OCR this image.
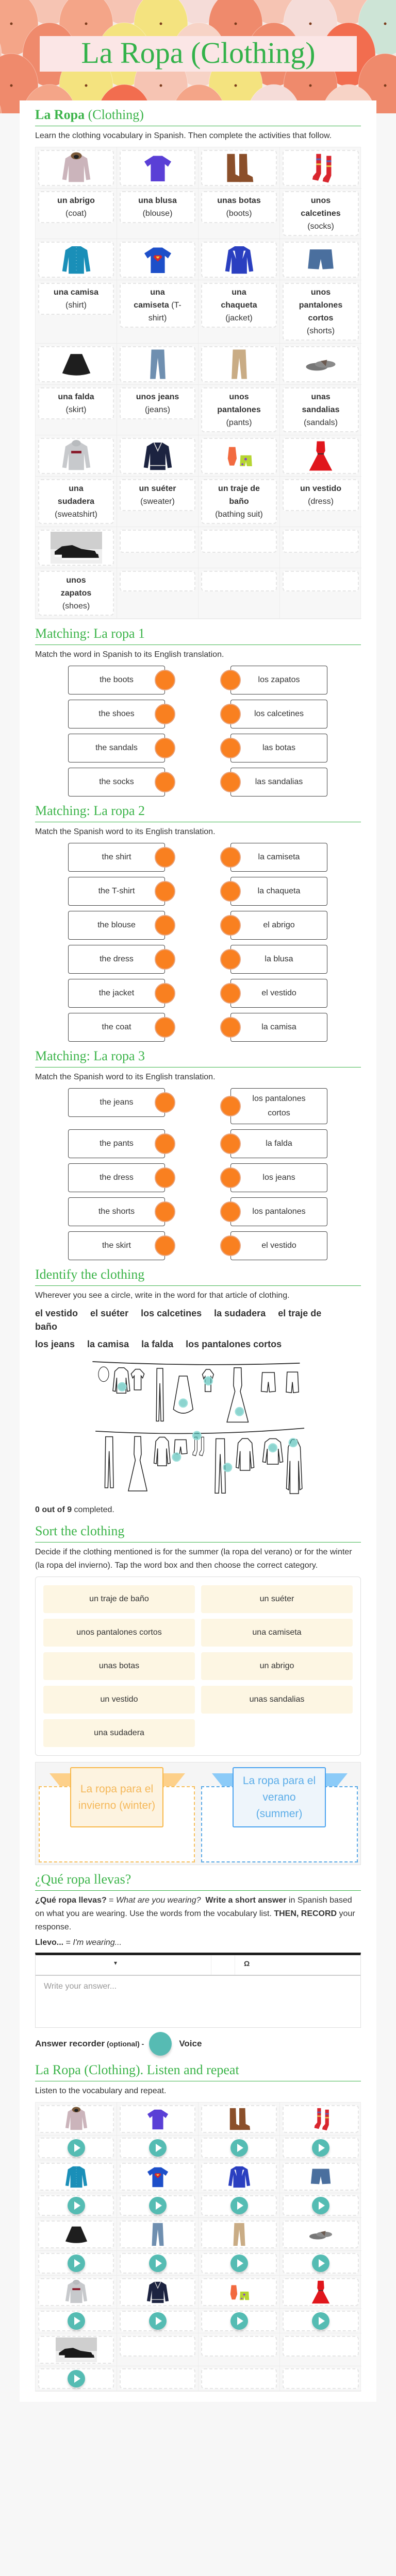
La Ropa (Clothing)
La Ropa (Clothing)
Learn the clothing vocabulary in Spanish. Then complete the activities that follow.
un abrigo (coat)
una blusa (blouse)
unas botas (boots)
unos calcetines (socks)
una camisa (shirt)
una camiseta (T-shirt)
una chaqueta (jacket)
unos pantalones cortos (shorts)
una falda (skirt)
unos jeans (jeans)
unos pantalones (pants)
unas sandalias (sandals)
una sudadera (sweatshirt)
un suéter (sweater)
un traje de baño (bathing suit)
un vestido (dress)
unos zapatos (shoes)
Matching: La ropa 1
Match the word in Spanish to its English translation.
the boots	los zapatos
the shoes	los calcetines
the sandals	las botas
the socks	las sandalias
Matching: La ropa 2
Match the Spanish word to its English translation.
the shirt	la camiseta
the T-shirt	la chaqueta
the blouse	el abrigo
the dress	la blusa
the jacket	el vestido
the coat	la camisa
Matching: La ropa 3
Match the Spanish word to its English translation.
the jeans	los pantalones cortos
the pants	la falda
the dress	los jeans
the shorts	los pantalones
the skirt	el vestido
Identify the clothing
Wherever you see a circle, write in the word for that article of clothing.
el vestido el suéter los calcetines la sudadera el traje de baño
los jeans la camisa la falda los pantalones cortos
0 out of 9 completed.
Sort the clothing
Decide if the clothing mentioned is for the summer (la ropa del verano) or for the winter (la ropa del invierno). Tap the word box and then choose the correct category.
un traje de baño	un suéter
unos pantalones cortos	una camiseta
unas botas	un abrigo
un vestido	unas sandalias
una sudadera
La ropa para el invierno (winter)
La ropa para el verano (summer)
¿Qué ropa llevas?
¿Qué ropa llevas? = What are you wearing? Write a short answer in Spanish based on what you are wearing. Use the words from the vocabulary list. THEN, RECORD your response.
Llevo... = I'm wearing...
▾	Ω
Write your answer...
Answer recorder (optional) -	Voice
La Ropa (Clothing). Listen and repeat
Listen to the vocabulary and repeat.
